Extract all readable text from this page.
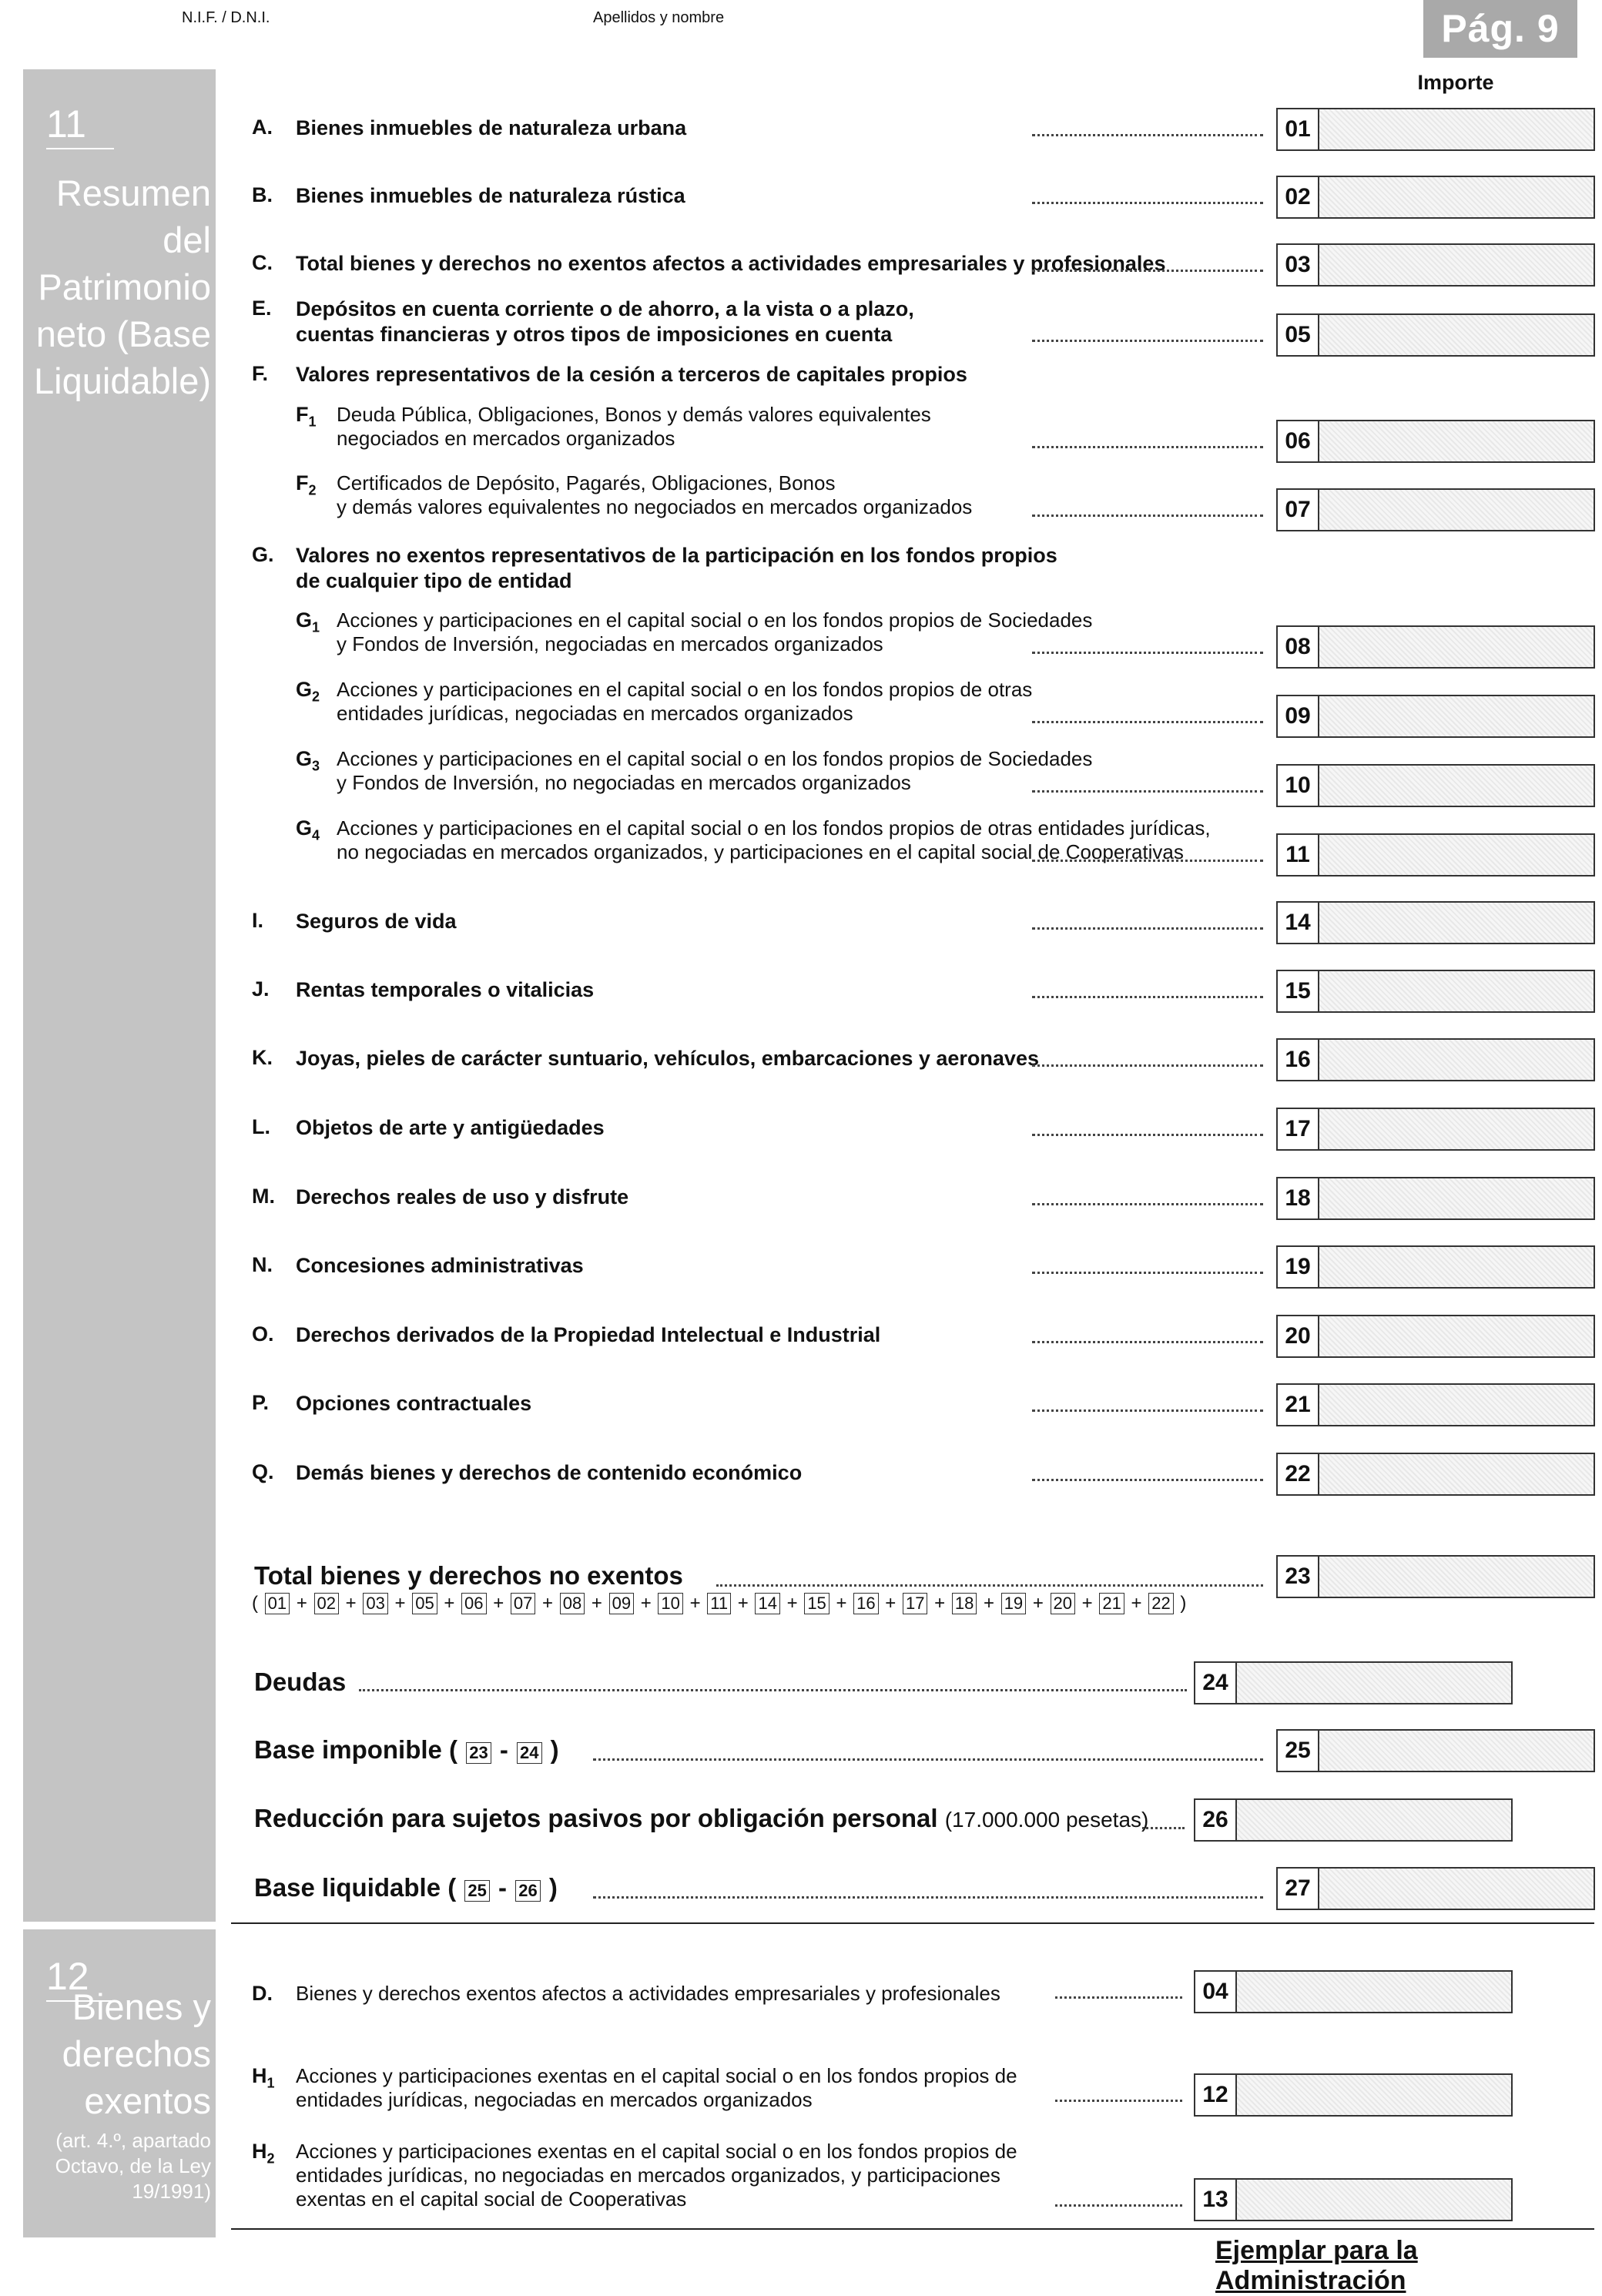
N.I.F. / D.N.I.	Apellidos y nombre	Pág. 9
Importe
11
Resumen
del
Patrimonio
neto (Base
Liquidable)
12
Bienes y
derechos
exentos
(art. 4.º, apartado
Octavo, de la Ley
19/1991)
A. Bienes inmuebles de naturaleza urbana	01
B. Bienes inmuebles de naturaleza rústica	02
C. Total bienes y derechos no exentos afectos a actividades empresariales y profesionales	03
E. Depósitos en cuenta corriente o de ahorro, a la vista o a plazo,
cuentas financieras y otros tipos de imposiciones en cuenta	05
F. Valores representativos de la cesión a terceros de capitales propios
$F_1$ Deuda Pública, Obligaciones, Bonos y demás valores equivalentes
negociados en mercados organizados	06
$F_2$ Certificados de Depósito, Pagarés, Obligaciones, Bonos
y demás valores equivalentes no negociados en mercados organizados	07
G. Valores no exentos representativos de la participación en los fondos propios
de cualquier tipo de entidad
$G_1$ Acciones y participaciones en el capital social o en los fondos propios de Sociedades
y Fondos de Inversión, negociadas en mercados organizados	08
$G_2$ Acciones y participaciones en el capital social o en los fondos propios de otras
entidades jurídicas, negociadas en mercados organizados	09
$G_3$ Acciones y participaciones en el capital social o en los fondos propios de Sociedades
y Fondos de Inversión, no negociadas en mercados organizados	10
$G_4$ Acciones y participaciones en el capital social o en los fondos propios de otras entidades jurídicas,
no negociadas en mercados organizados, y participaciones en el capital social de Cooperativas	11
I. Seguros de vida	14
J. Rentas temporales o vitalicias	15
K. Joyas, pieles de carácter suntuario, vehículos, embarcaciones y aeronaves	16
L. Objetos de arte y antigüedades	17
M. Derechos reales de uso y disfrute	18
N. Concesiones administrativas	19
O. Derechos derivados de la Propiedad Intelectual e Industrial	20
P. Opciones contractuales	21
Q. Demás bienes y derechos de contenido económico	22
D. Bienes y derechos exentos afectos a actividades empresariales y profesionales	04
$H_1$ Acciones y participaciones exentas en el capital social o en los fondos propios de
entidades jurídicas, negociadas en mercados organizados	12
$H_2$ Acciones y participaciones exentas en el capital social o en los fondos propios de
entidades jurídicas, no negociadas en mercados organizados, y participaciones
exentas en el capital social de Cooperativas	13
Total bienes y derechos no exentos	23
( 01 + 02 + 03 + 05 + 06 + 07 + 08 + 09 + 10 + 11 + 14 + 15 + 16 + 17 + 18 + 19 + 20 + 21 + 22 )
Deudas	24
Base imponible ( 23 - 24 )	25
Reducción para sujetos pasivos por obligación personal (17.000.000 pesetas)	26
Base liquidable ( 25 - 26 )	27
Ejemplar para la Administración
